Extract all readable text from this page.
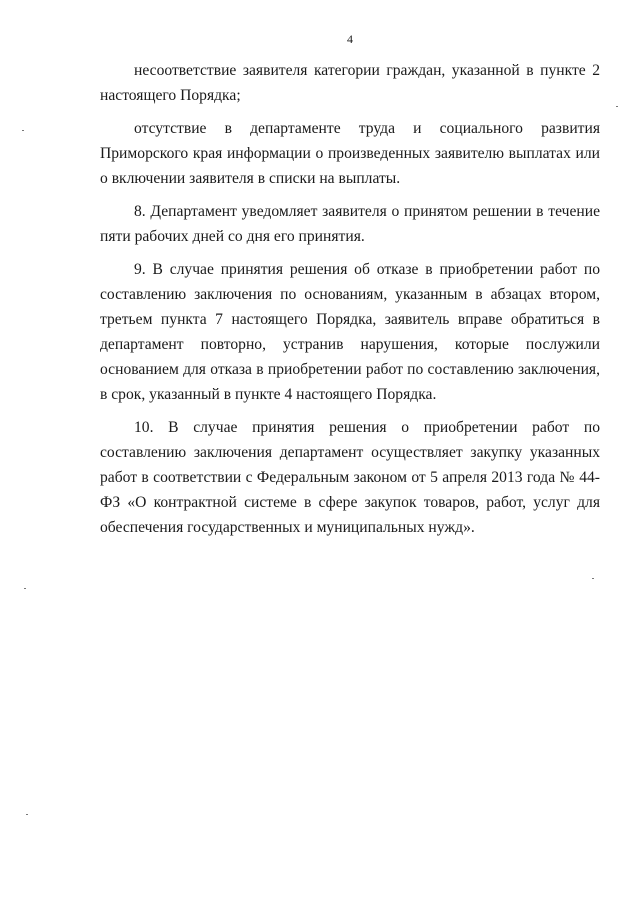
4

несоответствие заявителя категории граждан, указанной в пункте 2 настоящего Порядка;

отсутствие в департаменте труда и социального развития Приморского края информации о произведенных заявителю выплатах или о включении заявителя в списки на выплаты.

8. Департамент уведомляет заявителя о принятом решении в течение пяти рабочих дней со дня его принятия.

9. В случае принятия решения об отказе в приобретении работ по составлению заключения по основаниям, указанным в абзацах втором, третьем пункта 7 настоящего Порядка, заявитель вправе обратиться в департамент повторно, устранив нарушения, которые послужили основанием для отказа в приобретении работ по составлению заключения, в срок, указанный в пункте 4 настоящего Порядка.

10. В случае принятия решения о приобретении работ по составлению заключения департамент осуществляет закупку указанных работ в соответствии с Федеральным законом от 5 апреля 2013 года № 44-ФЗ «О контрактной системе в сфере закупок товаров, работ, услуг для обеспечения государственных и муниципальных нужд».
